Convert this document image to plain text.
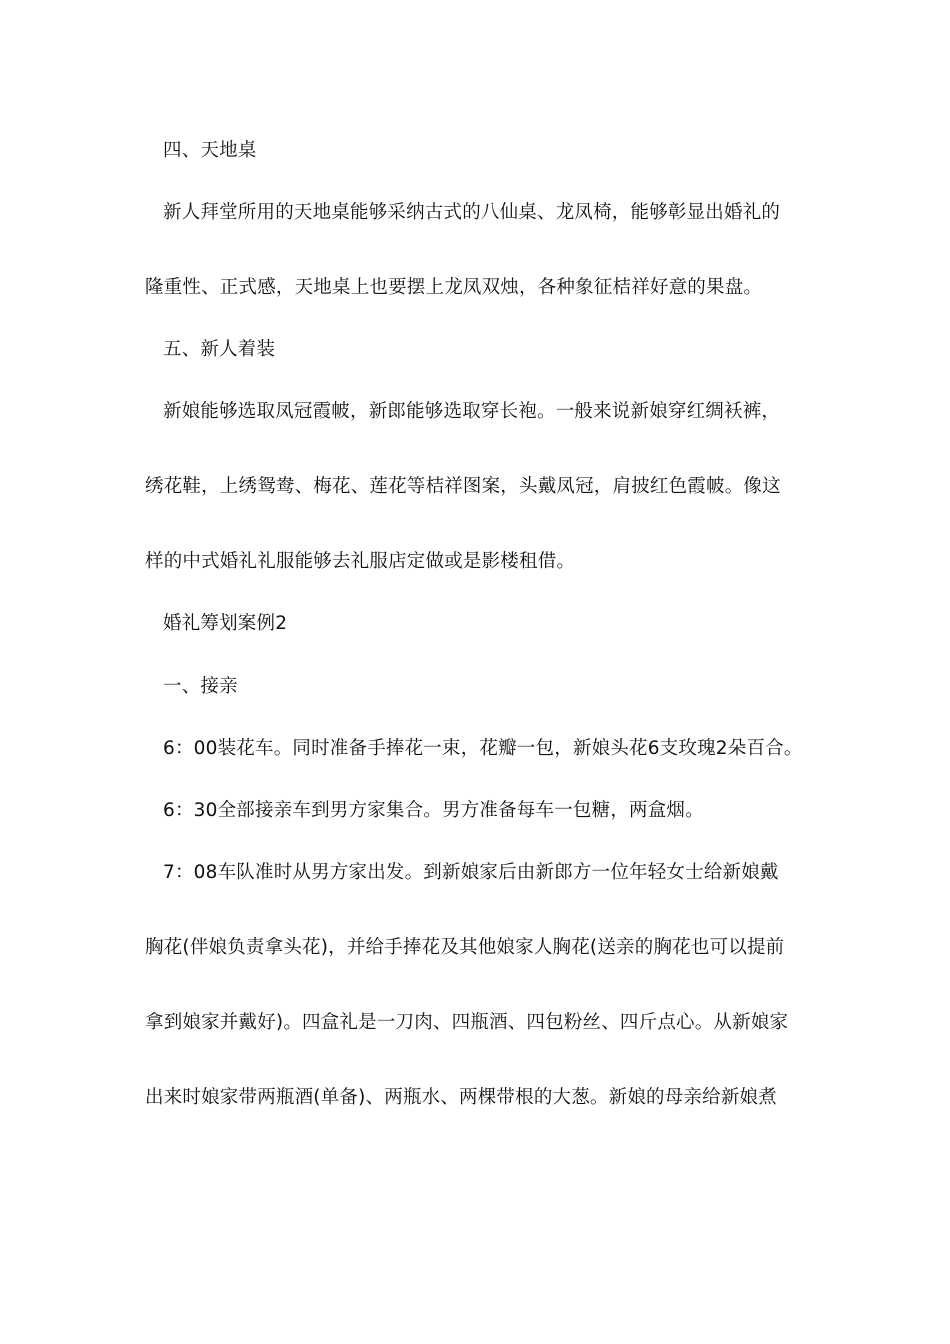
四、天地桌
新人拜堂所用的天地桌能够采纳古式的八仙桌、龙凤椅，能够彰显出婚礼的
隆重性、正式感，天地桌上也要摆上龙凤双烛，各种象征桔祥好意的果盘。
五、新人着装
新娘能够选取凤冠霞帔，新郎能够选取穿长袍。一般来说新娘穿红绸袄裤，
绣花鞋，上绣鸳鸯、梅花、莲花等桔祥图案，头戴凤冠，肩披红色霞帔。像这
样的中式婚礼礼服能够去礼服店定做或是影楼租借。
婚礼筹划案例2
一、接亲
6：00装花车。同时准备手捧花一束，花瓣一包，新娘头花6支玫瑰2朵百合。
6：30全部接亲车到男方家集合。男方准备每车一包糖，两盒烟。
7：08车队准时从男方家出发。到新娘家后由新郎方一位年轻女士给新娘戴
胸花(伴娘负责拿头花)，并给手捧花及其他娘家人胸花(送亲的胸花也可以提前
拿到娘家并戴好)。四盒礼是一刀肉、四瓶酒、四包粉丝、四斤点心。从新娘家
出来时娘家带两瓶酒(单备)、两瓶水、两棵带根的大葱。新娘的母亲给新娘煮
